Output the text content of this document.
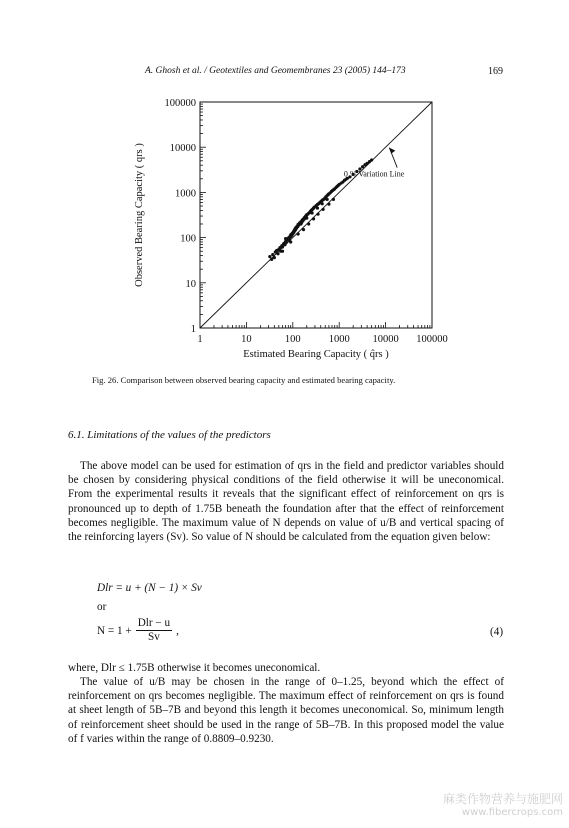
A. Ghosh et al. / Geotextiles and Geomembranes 23 (2005) 144–173	169
1	10	100	1000 10000 100000
1
10
100
1000
10000
100000
Estimated Bearing Capacity ( q̂rs )
Observed Bearing Capacity ( qrs )	0 % Variation Line
Fig. 26. Comparison between observed bearing capacity and estimated bearing capacity.
6.1. Limitations of the values of the predictors

The above model can be used for estimation of qrs in the field and predictor variables should be chosen by considering physical conditions of the field otherwise it will be uneconomical. From the experimental results it reveals that the significant effect of reinforcement on qrs is pronounced up to depth of 1.75B beneath the foundation after that the effect of reinforcement becomes negligible. The maximum value of N depends on value of u/B and vertical spacing of the reinforcing layers (Sv). So value of N should be calculated from the equation given below:

Dlr = u + (N − 1) × Sv
or
$N = 1 + \frac{\text{Dlr − u}}{Sv}$ ,	(4)

where, Dlr ≤ 1.75B otherwise it becomes uneconomical.

The value of u/B may be chosen in the range of 0–1.25, beyond which the effect of reinforcement on qrs becomes negligible. The maximum effect of reinforcement on qrs is found at sheet length of 5B–7B and beyond this length it becomes uneconomical. So, minimum length of reinforcement sheet should be used in the range of 5B–7B. In this proposed model the value of f varies within the range of 0.8809–0.9230.

麻类作物营养与施肥网
www.fibercrops.com
